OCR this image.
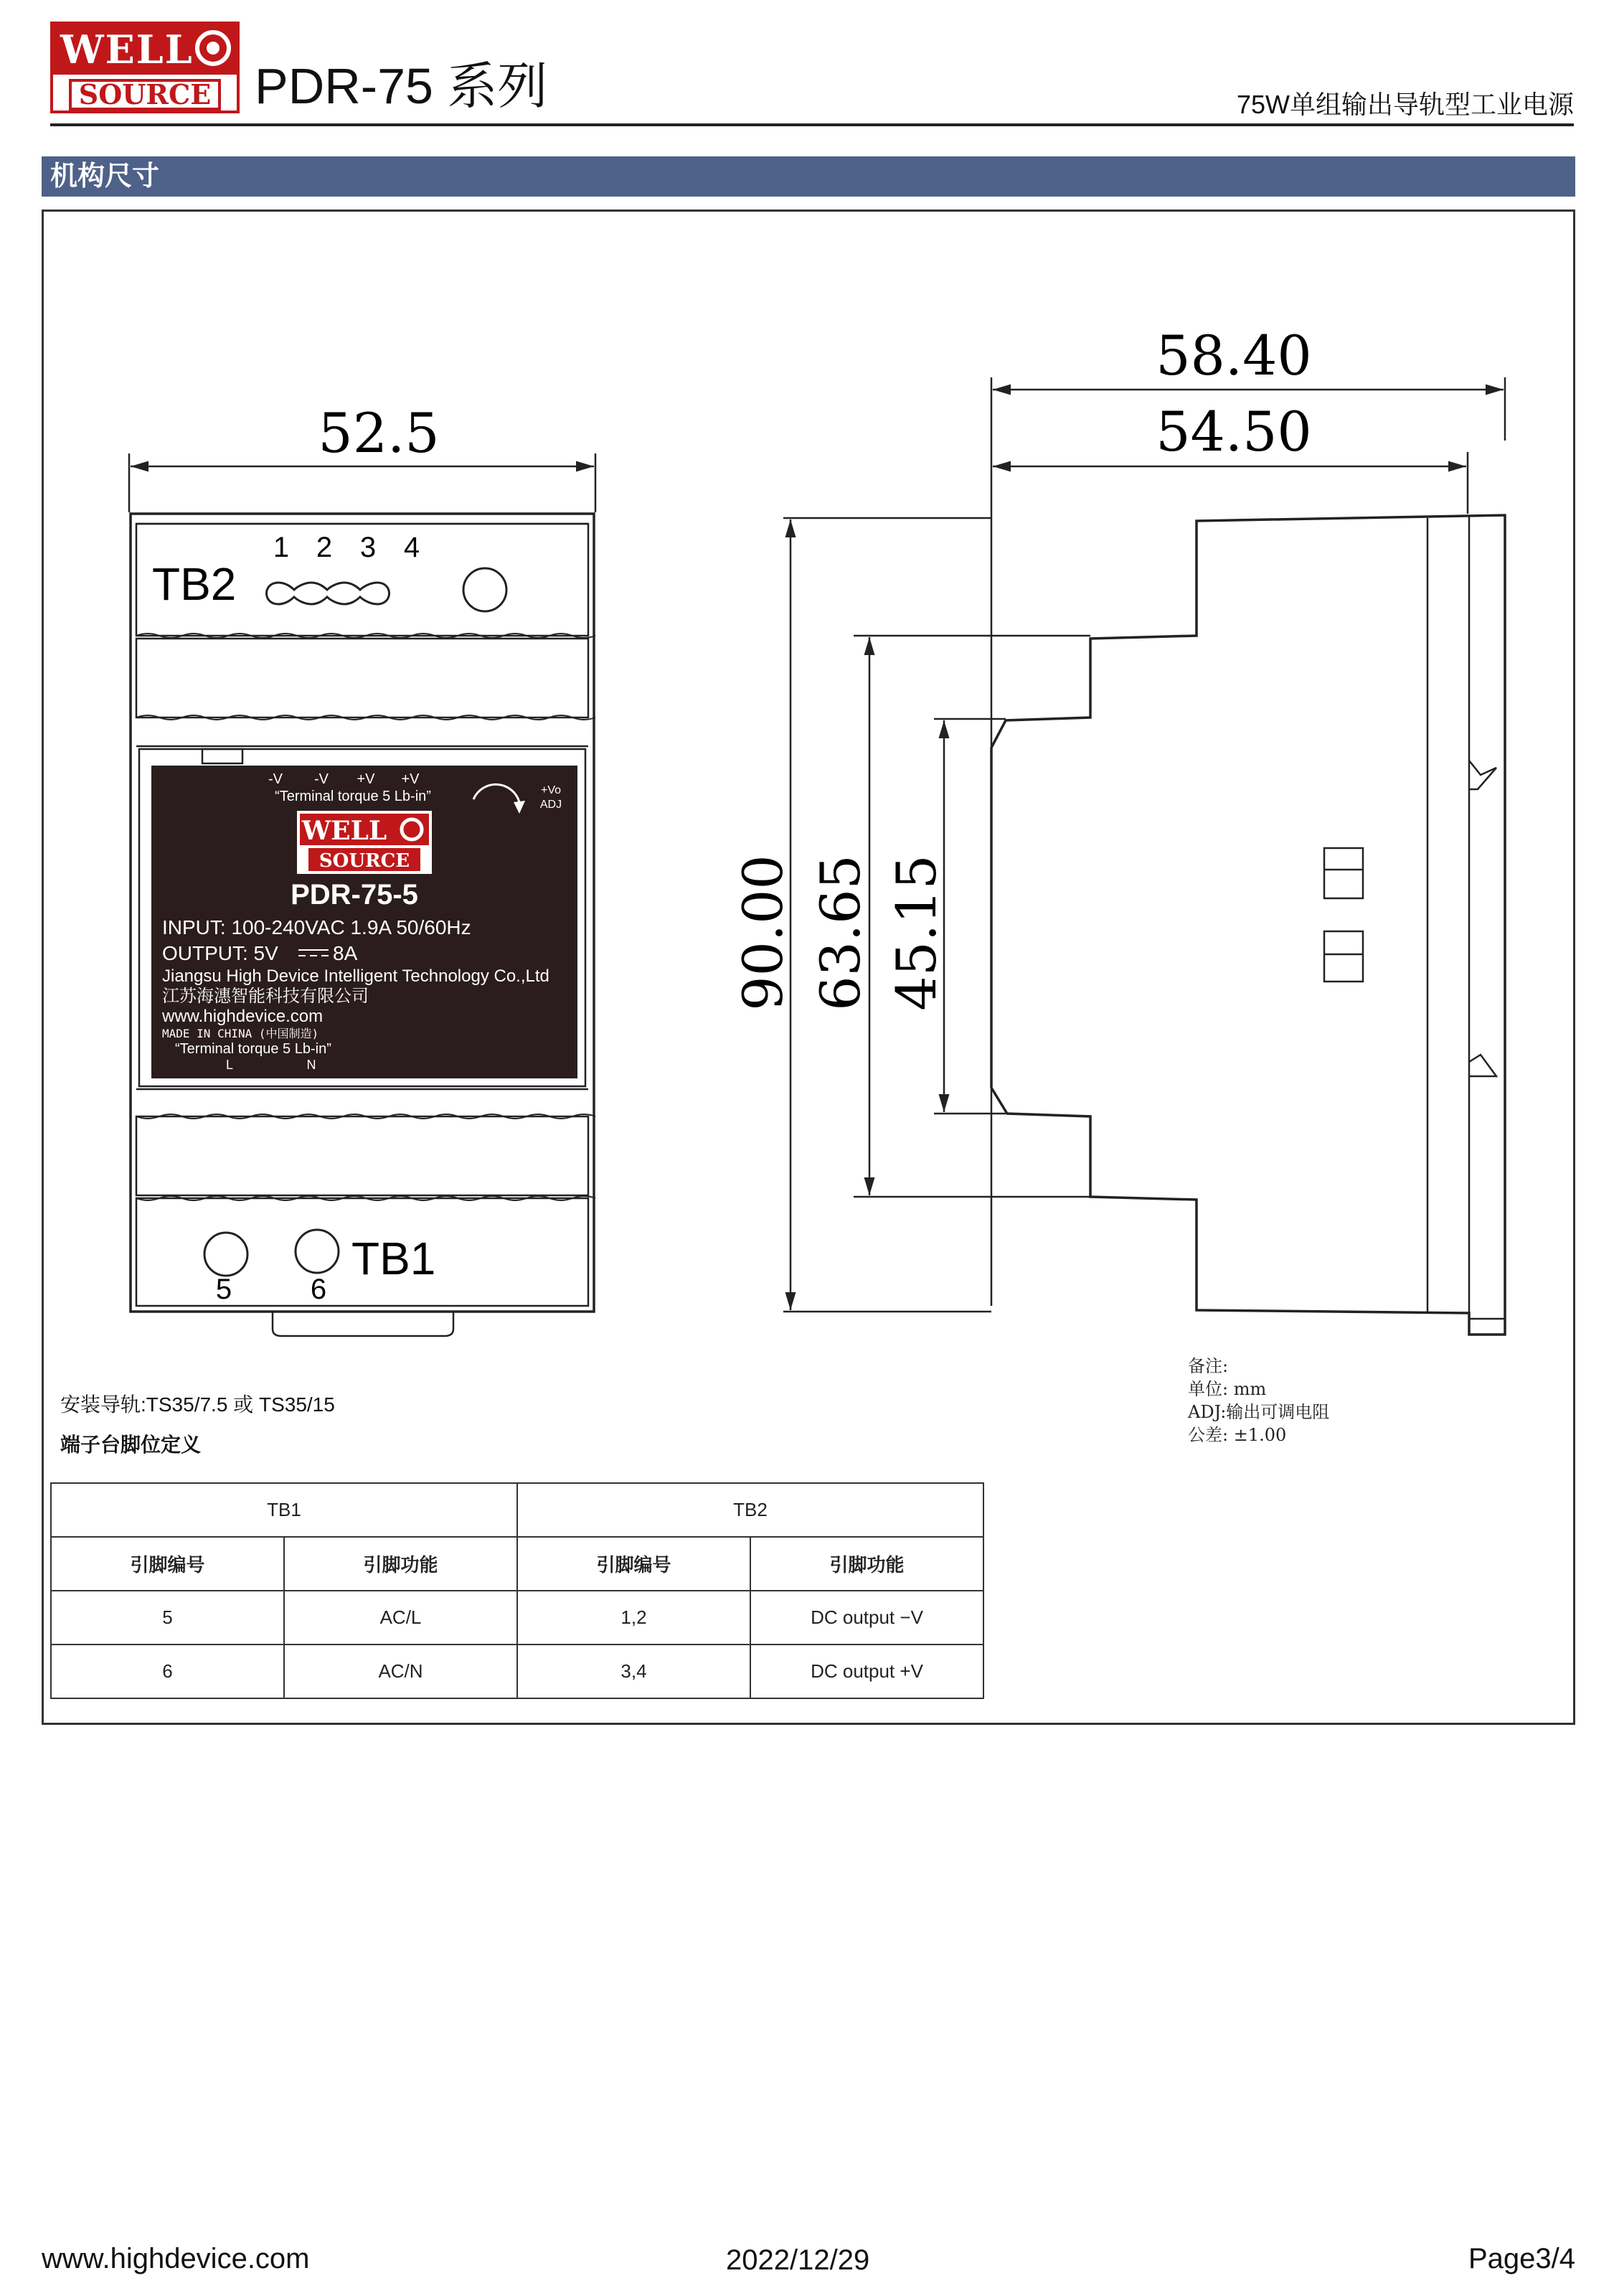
WELL
SOURCE PDR-75 系列	75W单组输出导轨型工业电源
机构尺寸
52.5
TB2
1 2 3 4
TB1
5	6
-V -V +V +V
“Terminal torque 5 Lb-in”	+Vo
ADJ
PDR-75-5
INPUT: 100-240VAC 1.9A 50/60Hz
OUTPUT: 5V	8A
Jiangsu High Device Intelligent Technology Co.,Ltd
江苏海潓智能科技有限公司
www.highdevice.com
MADE IN CHINA (中国制造)
“Terminal torque 5 Lb-in”
L	N
WELL
SOURCE
58.40
54.50
90.00 63.65 45.15
备注:
单位: mm
ADJ:输出可调电阻
公差: ±1.00
安装导轨:TS35/7.5 或 TS35/15
端子台脚位定义
TB1		TB2	
引脚编号	引脚功能	引脚编号	引脚功能
5	AC/L	1,2	DC output −V
6	AC/N	3,4	DC output +V
www.highdevice.com	2022/12/29	Page3/4
